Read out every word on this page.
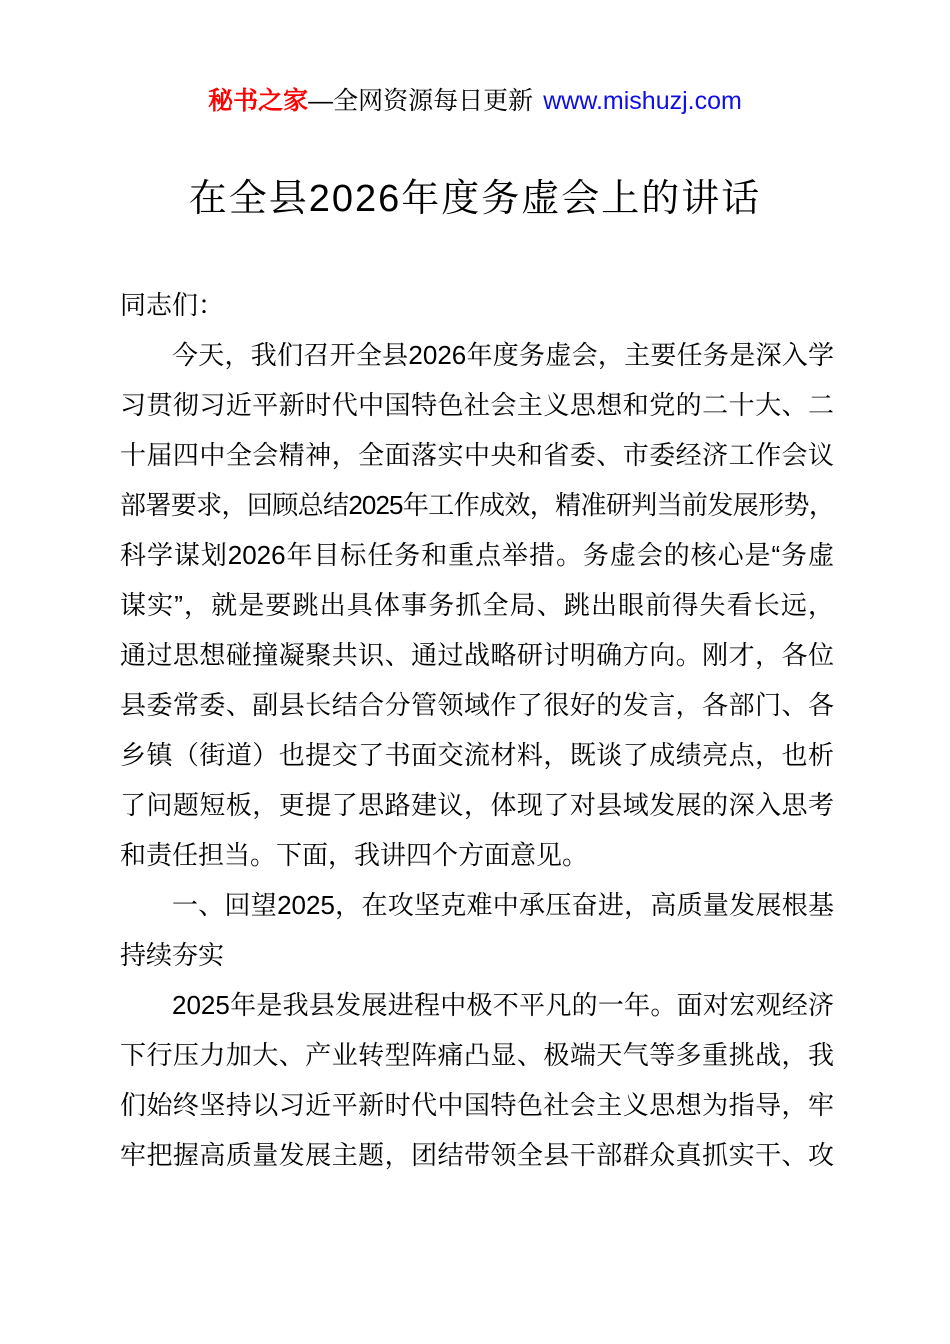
秘书之家—全网资源每日更新 www.mishuzj.com
在全县2026年度务虚会上的讲话
同志们：
今天，我们召开全县2026年度务虚会，主要任务是深入学
习贯彻习近平新时代中国特色社会主义思想和党的二十大、二
十届四中全会精神，全面落实中央和省委、市委经济工作会议
部署要求，回顾总结2025年工作成效，精准研判当前发展形势，
科学谋划2026年目标任务和重点举措。务虚会的核心是“务虚
谋实”，就是要跳出具体事务抓全局、跳出眼前得失看长远，
通过思想碰撞凝聚共识、通过战略研讨明确方向。刚才，各位
县委常委、副县长结合分管领域作了很好的发言，各部门、各
乡镇（街道）也提交了书面交流材料，既谈了成绩亮点，也析
了问题短板，更提了思路建议，体现了对县域发展的深入思考
和责任担当。下面，我讲四个方面意见。
一、回望2025，在攻坚克难中承压奋进，高质量发展根基
持续夯实
2025年是我县发展进程中极不平凡的一年。面对宏观经济
下行压力加大、产业转型阵痛凸显、极端天气等多重挑战，我
们始终坚持以习近平新时代中国特色社会主义思想为指导，牢
牢把握高质量发展主题，团结带领全县干部群众真抓实干、攻
